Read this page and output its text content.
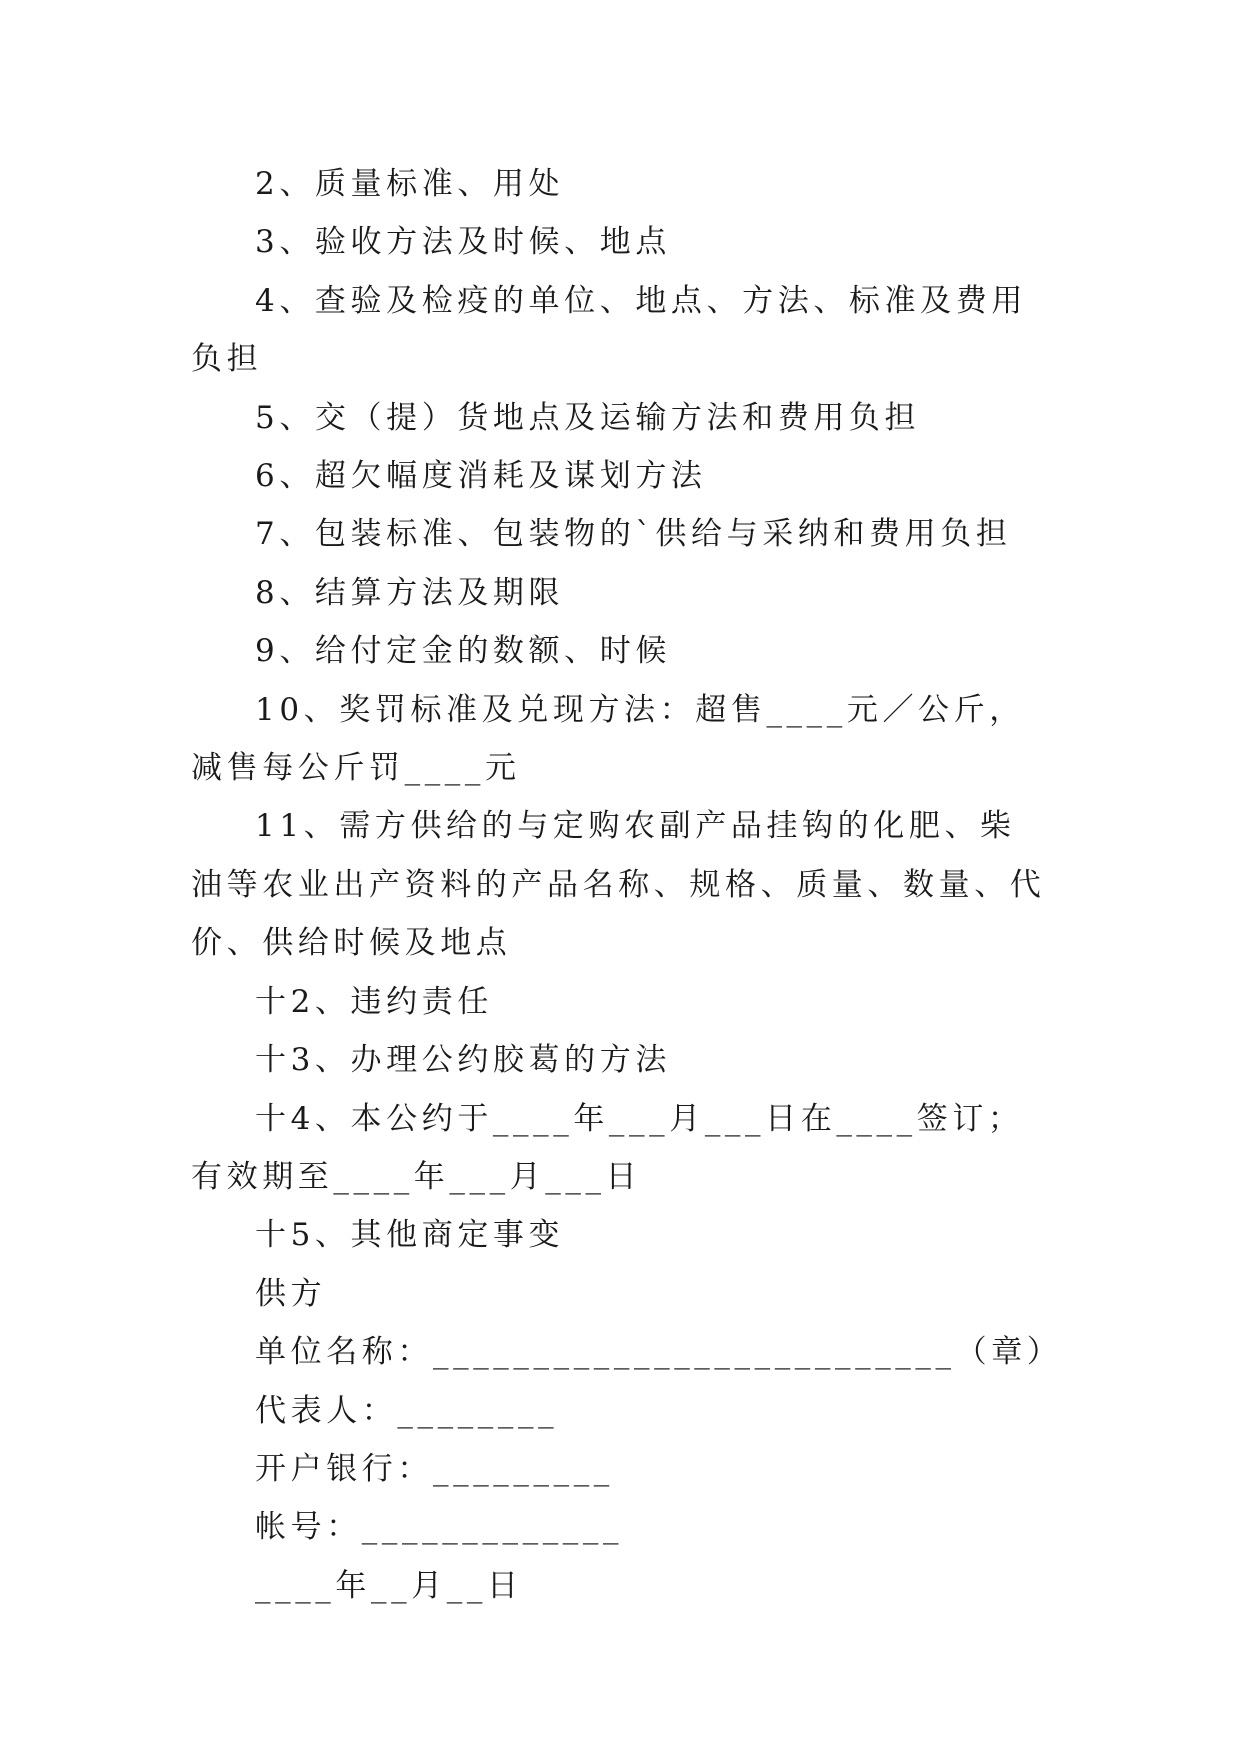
2、质量标准、用处

3、验收方法及时候、地点

4、查验及检疫的单位、地点、方法、标准及费用负担

5、交（提）货地点及运输方法和费用负担

6、超欠幅度消耗及谋划方法

7、包装标准、包装物的`供给与采纳和费用负担

8、结算方法及期限

9、给付定金的数额、时候

10、奖罚标准及兑现方法：超售____元／公斤，减售每公斤罚____元

11、需方供给的与定购农副产品挂钩的化肥、柴油等农业出产资料的产品名称、规格、质量、数量、代价、供给时候及地点

十2、违约责任

十3、办理公约胶葛的方法

十4、本公约于____年___月___日在____签订；有效期至____年___月___日

十5、其他商定事变

供方

单位名称：__________________________（章）

代表人：________

开户银行：_________

帐号：_____________

____年__月__日
